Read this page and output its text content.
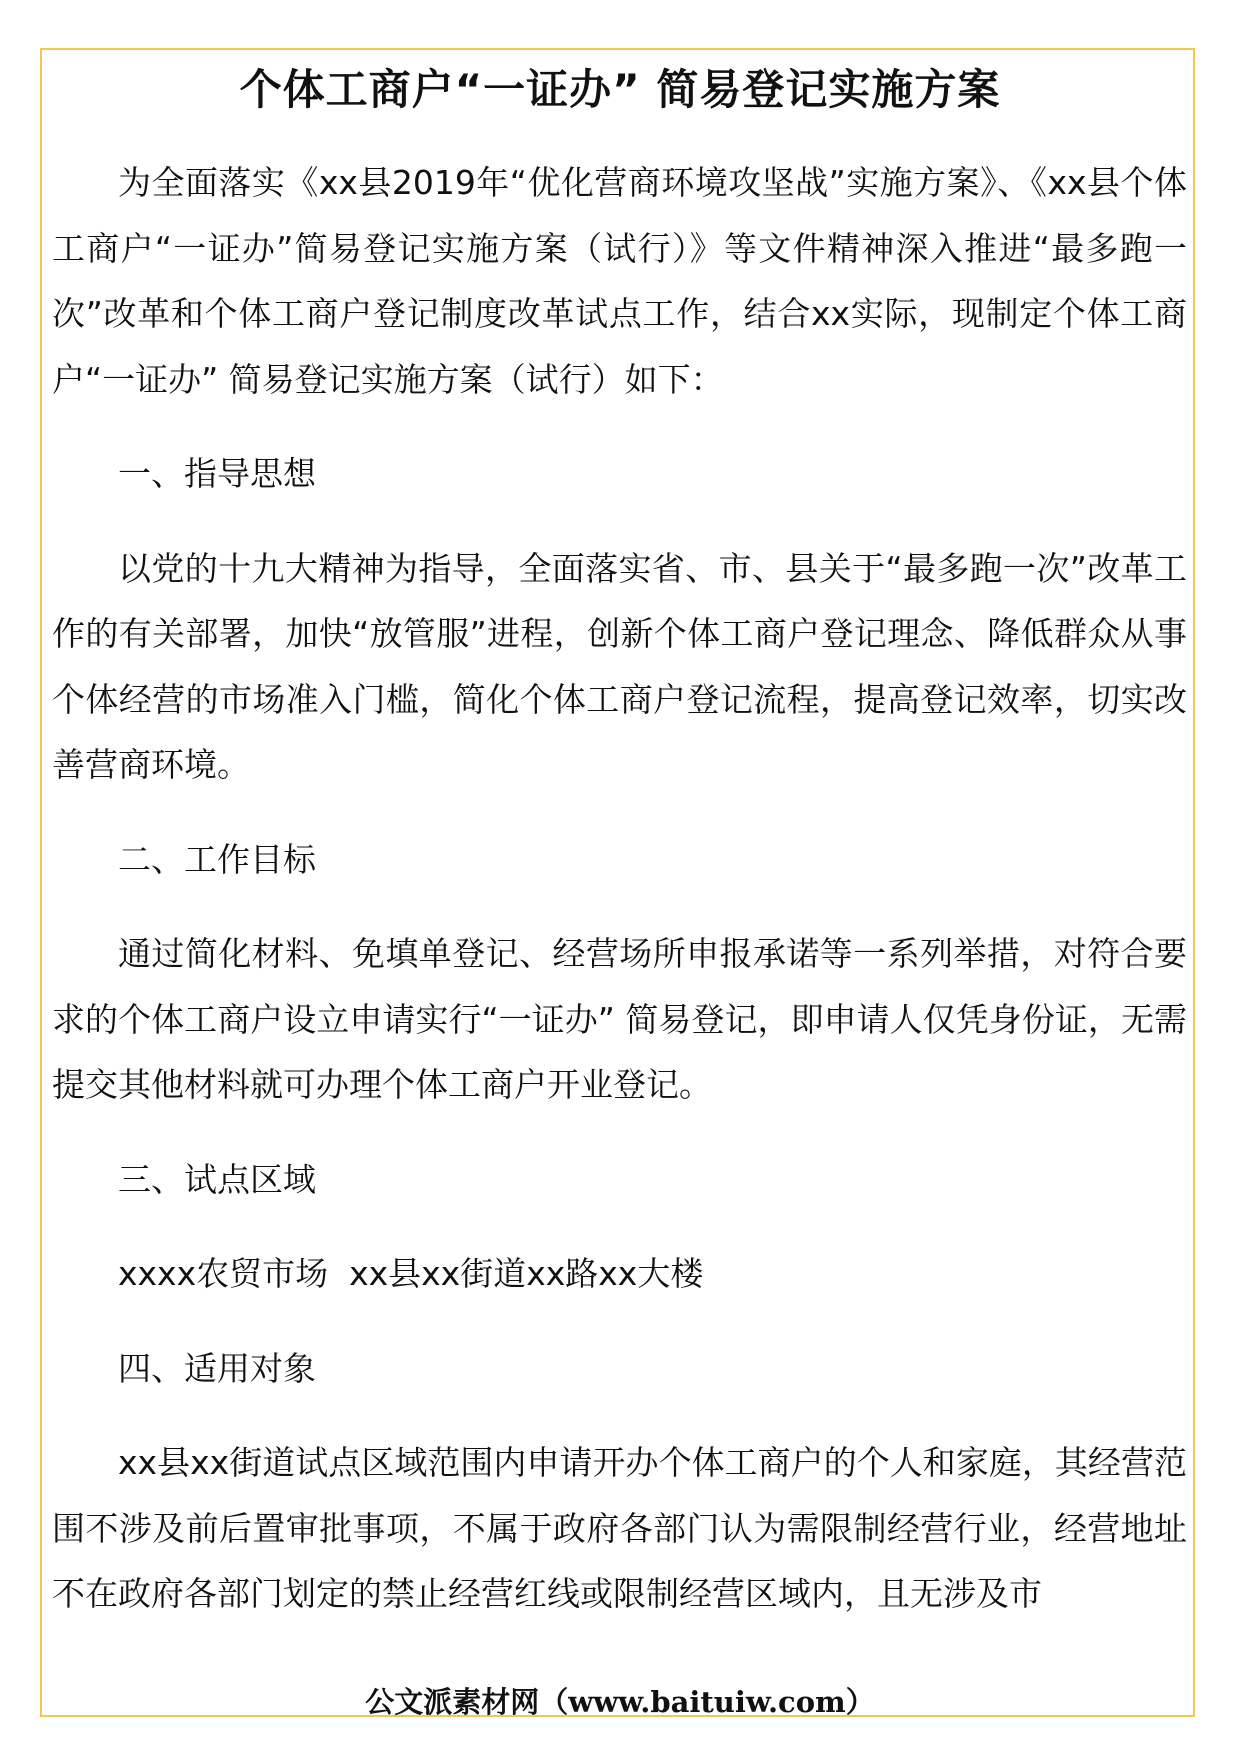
个体工商户“一证办” 简易登记实施方案

为全面落实《xx县2019年“优化营商环境攻坚战”实施方案》、《xx县个体工商户“一证办”简易登记实施方案（试行）》等文件精神深入推进“最多跑一次”改革和个体工商户登记制度改革试点工作，结合xx实际，现制定个体工商户“一证办” 简易登记实施方案（试行）如下：

一、指导思想

以党的十九大精神为指导，全面落实省、市、县关于“最多跑一次”改革工作的有关部署，加快“放管服”进程，创新个体工商户登记理念、降低群众从事个体经营的市场准入门槛，简化个体工商户登记流程，提高登记效率，切实改善营商环境。

二、工作目标

通过简化材料、免填单登记、经营场所申报承诺等一系列举措，对符合要求的个体工商户设立申请实行“一证办” 简易登记，即申请人仅凭身份证，无需提交其他材料就可办理个体工商户开业登记。

三、试点区域

xxxx农贸市场  xx县xx街道xx路xx大楼

四、适用对象

xx县xx街道试点区域范围内申请开办个体工商户的个人和家庭，其经营范围不涉及前后置审批事项，不属于政府各部门认为需限制经营行业，经营地址不在政府各部门划定的禁止经营红线或限制经营区域内，且无涉及市

公文派素材网（www.baituiw.com）
